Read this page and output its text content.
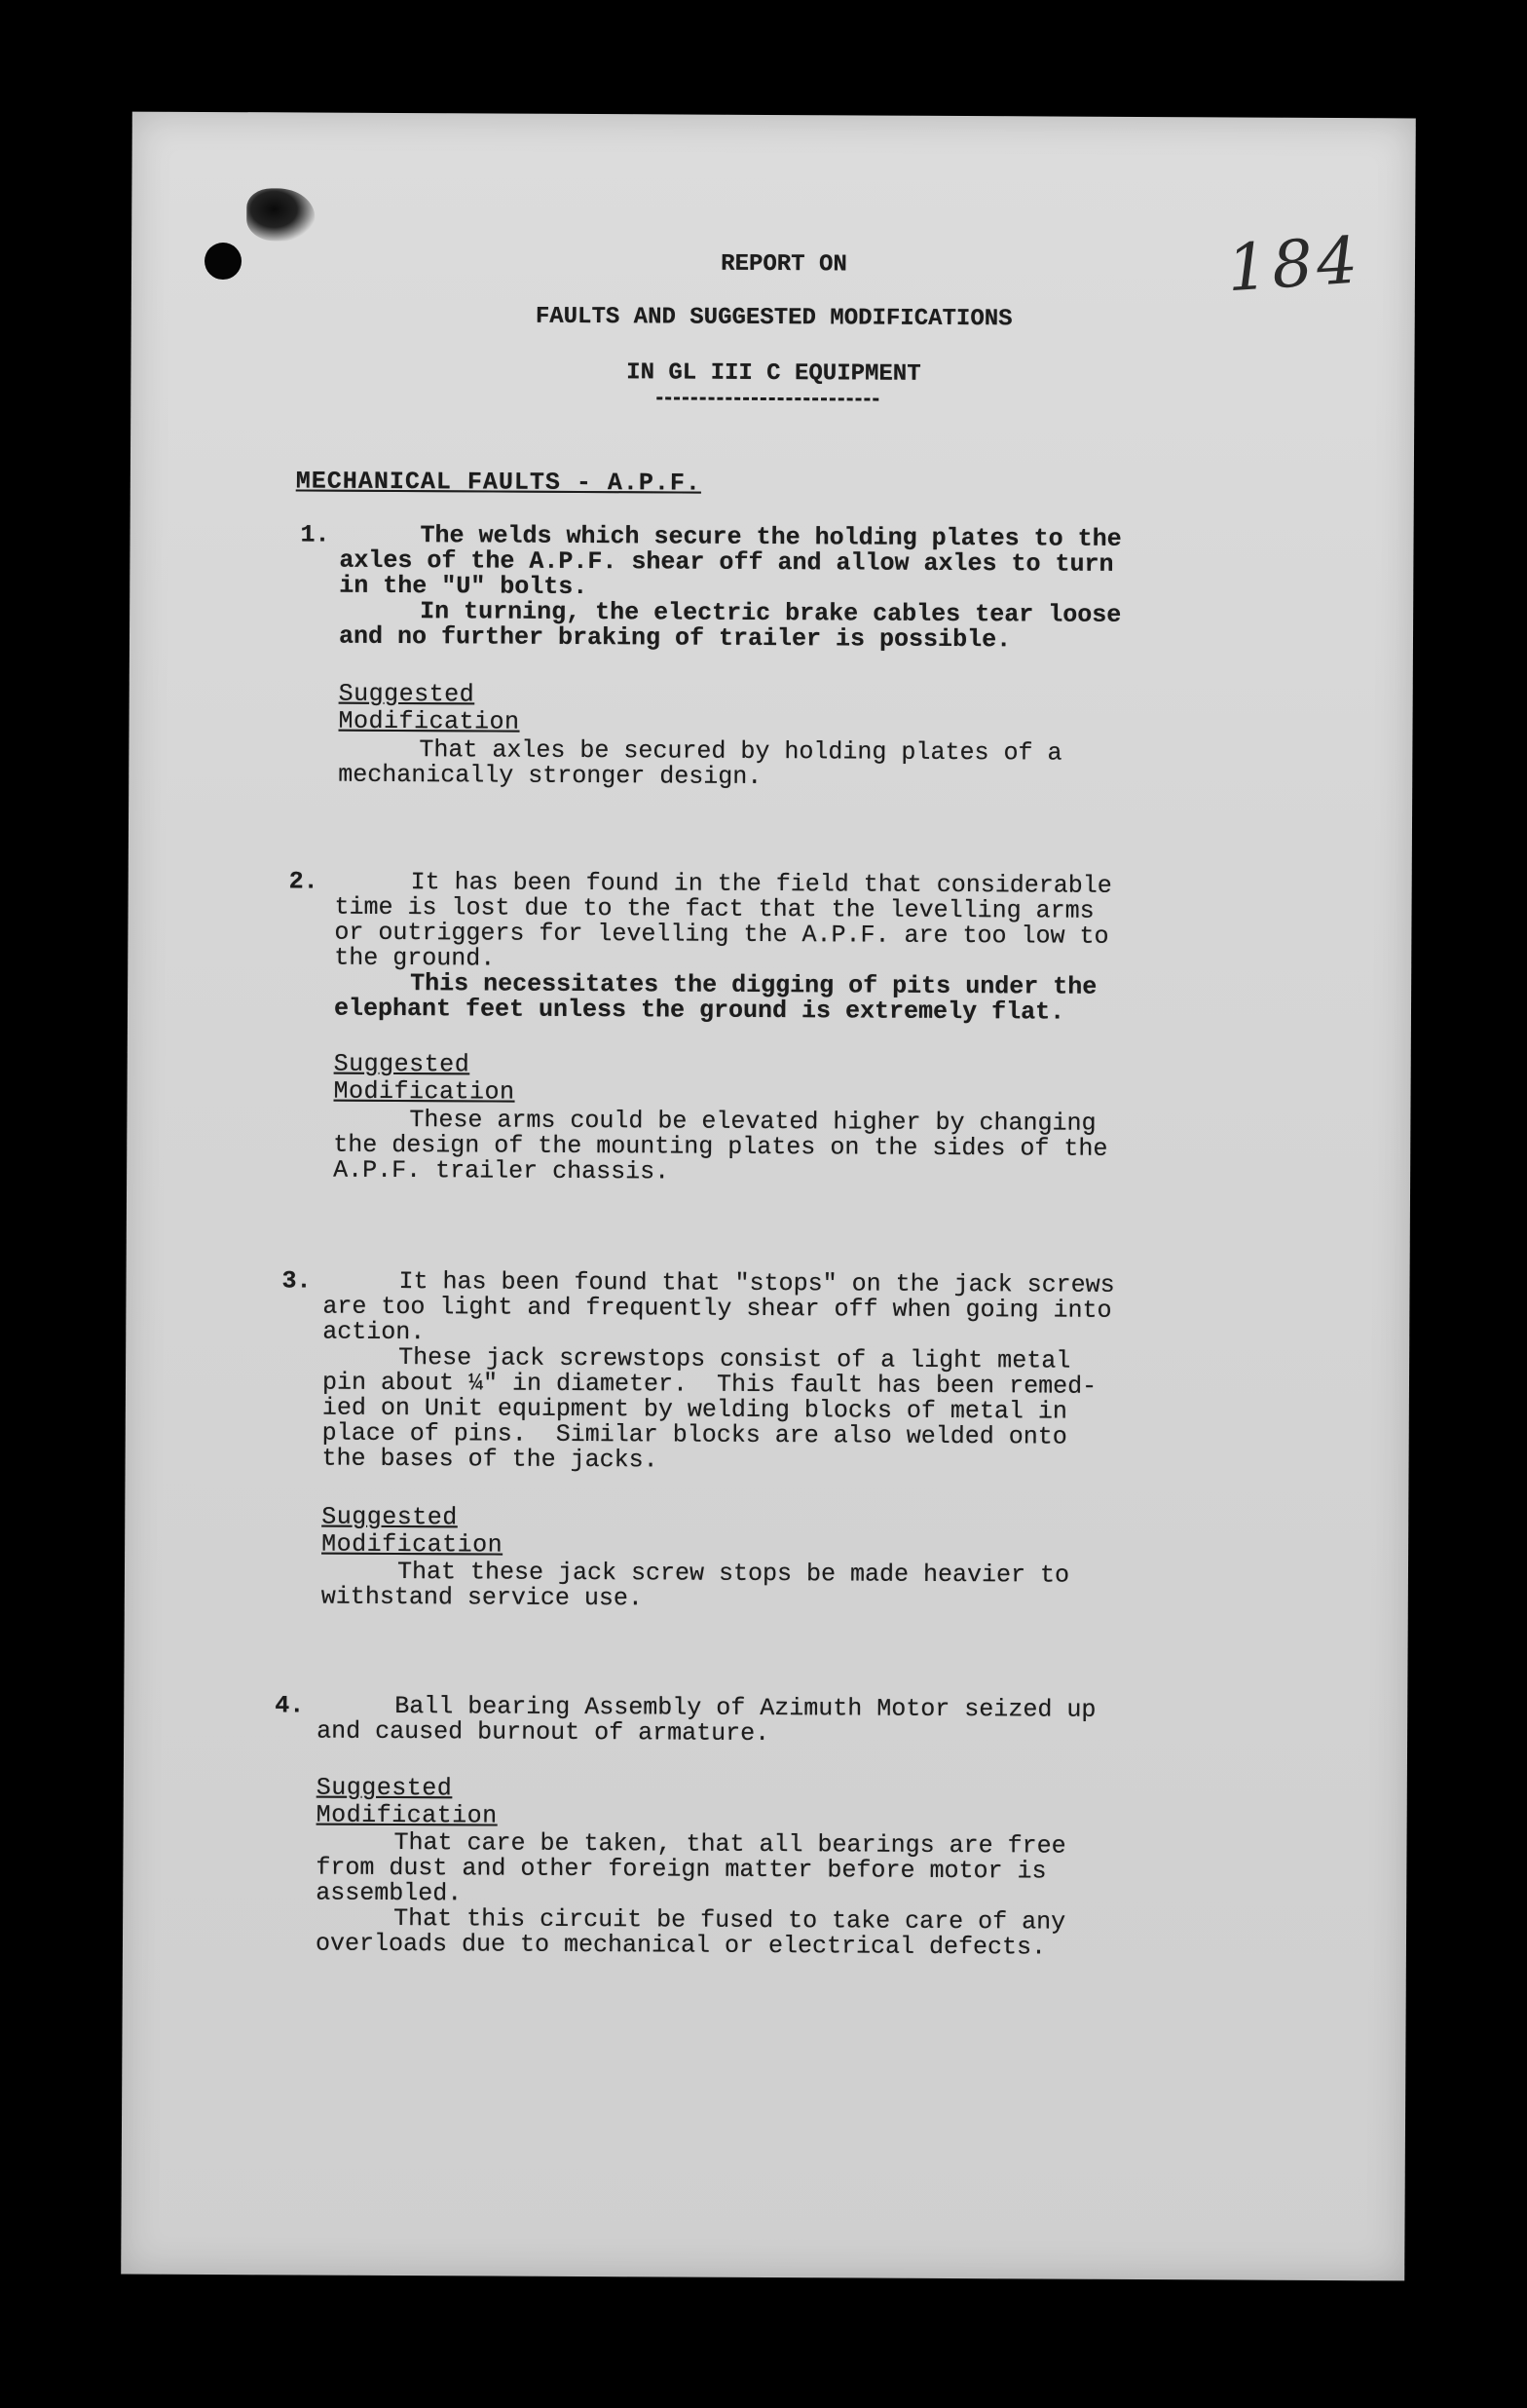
184
REPORT ON
FAULTS AND SUGGESTED MODIFICATIONS
IN GL III C EQUIPMENT
MECHANICAL FAULTS - A.P.F.
1.	The welds which secure the holding plates to the

axles of the A.P.F. shear off and allow axles to turn

in the "U" bolts.

In turning, the electric brake cables tear loose

and no further braking of trailer is possible.

Suggested Modification

That axles be secured by holding plates of a

mechanically stronger design.

2.	It has been found in the field that considerable

time is lost due to the fact that the levelling arms

or outriggers for levelling the A.P.F. are too low to

the ground.

This necessitates the digging of pits under the

elephant feet unless the ground is extremely flat.

Suggested Modification

These arms could be elevated higher by changing

the design of the mounting plates on the sides of the

A.P.F. trailer chassis.

3.	It has been found that "stops" on the jack screws

are too light and frequently shear off when going into

action.

These jack screwstops consist of a light metal

pin about ¼" in diameter.  This fault has been remed-

ied on Unit equipment by welding blocks of metal in

place of pins.  Similar blocks are also welded onto

the bases of the jacks.

Suggested Modification

That these jack screw stops be made heavier to

withstand service use.

4.	Ball bearing Assembly of Azimuth Motor seized up

and caused burnout of armature.

Suggested Modification

That care be taken, that all bearings are free

from dust and other foreign matter before motor is

assembled.

That this circuit be fused to take care of any

overloads due to mechanical or electrical defects.
